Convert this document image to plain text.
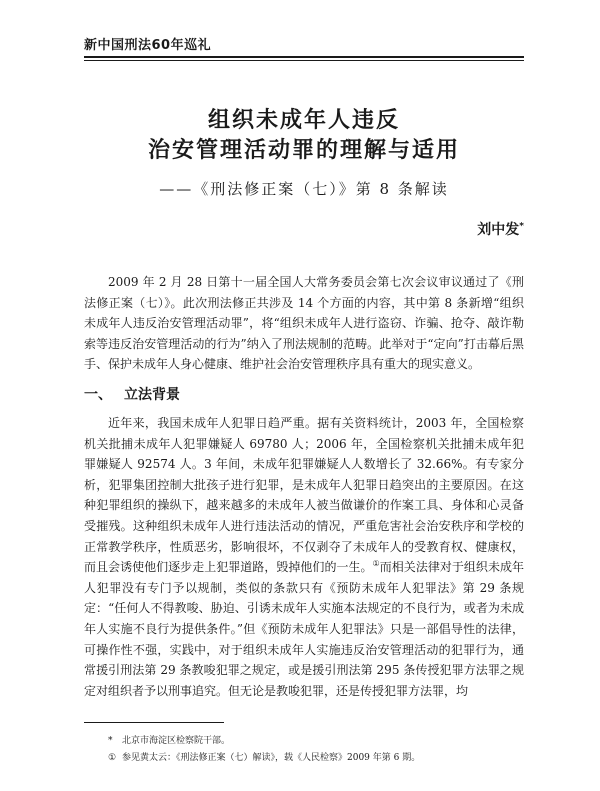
新中国刑法60年巡礼
组织未成年人违反
治安管理活动罪的理解与适用
——《刑法修正案（七）》第 8 条解读
刘中发*

2009 年 2 月 28 日第十一届全国人大常务委员会第七次会议审议通过了《刑法修正案（七）》。此次刑法修正共涉及 14 个方面的内容，其中第 8 条新增“组织未成年人违反治安管理活动罪”，将“组织未成年人进行盗窃、诈骗、抢夺、敲诈勒索等违反治安管理活动的行为”纳入了刑法规制的范畴。此举对于“定向”打击幕后黑手、保护未成年人身心健康、维护社会治安管理秩序具有重大的现实意义。

一、 立法背景

近年来，我国未成年人犯罪日趋严重。据有关资料统计，2003 年，全国检察机关批捕未成年人犯罪嫌疑人 69780 人；2006 年，全国检察机关批捕未成年犯罪嫌疑人 92574 人。3 年间，未成年犯罪嫌疑人人数增长了 32.66%。有专家分析，犯罪集团控制大批孩子进行犯罪，是未成年人犯罪日趋突出的主要原因。在这种犯罪组织的操纵下，越来越多的未成年人被当做谦价的作案工具、身体和心灵备受摧残。这种组织未成年人进行违法活动的情况，严重危害社会治安秩序和学校的正常教学秩序，性质恶劣，影响很坏，不仅剥夺了未成年人的受教育权、健康权，而且会诱使他们逐步走上犯罪道路，毁掉他们的一生。①而相关法律对于组织未成年人犯罪没有专门予以规制，类似的条款只有《预防未成年人犯罪法》第 29 条规定：“任何人不得教唆、胁迫、引诱未成年人实施本法规定的不良行为，或者为未成年人实施不良行为提供条件。”但《预防未成年人犯罪法》只是一部倡导性的法律，可操作性不强，实践中，对于组织未成年人实施违反治安管理活动的犯罪行为，通常援引刑法第 29 条教唆犯罪之规定，或是援引刑法第 295 条传授犯罪方法罪之规定对组织者予以刑事追究。但无论是教唆犯罪，还是传授犯罪方法罪，均

* 北京市海淀区检察院干部。
① 参见黄太云：《刑法修正案（七）解读》，载《人民检察》2009 年第 6 期。
